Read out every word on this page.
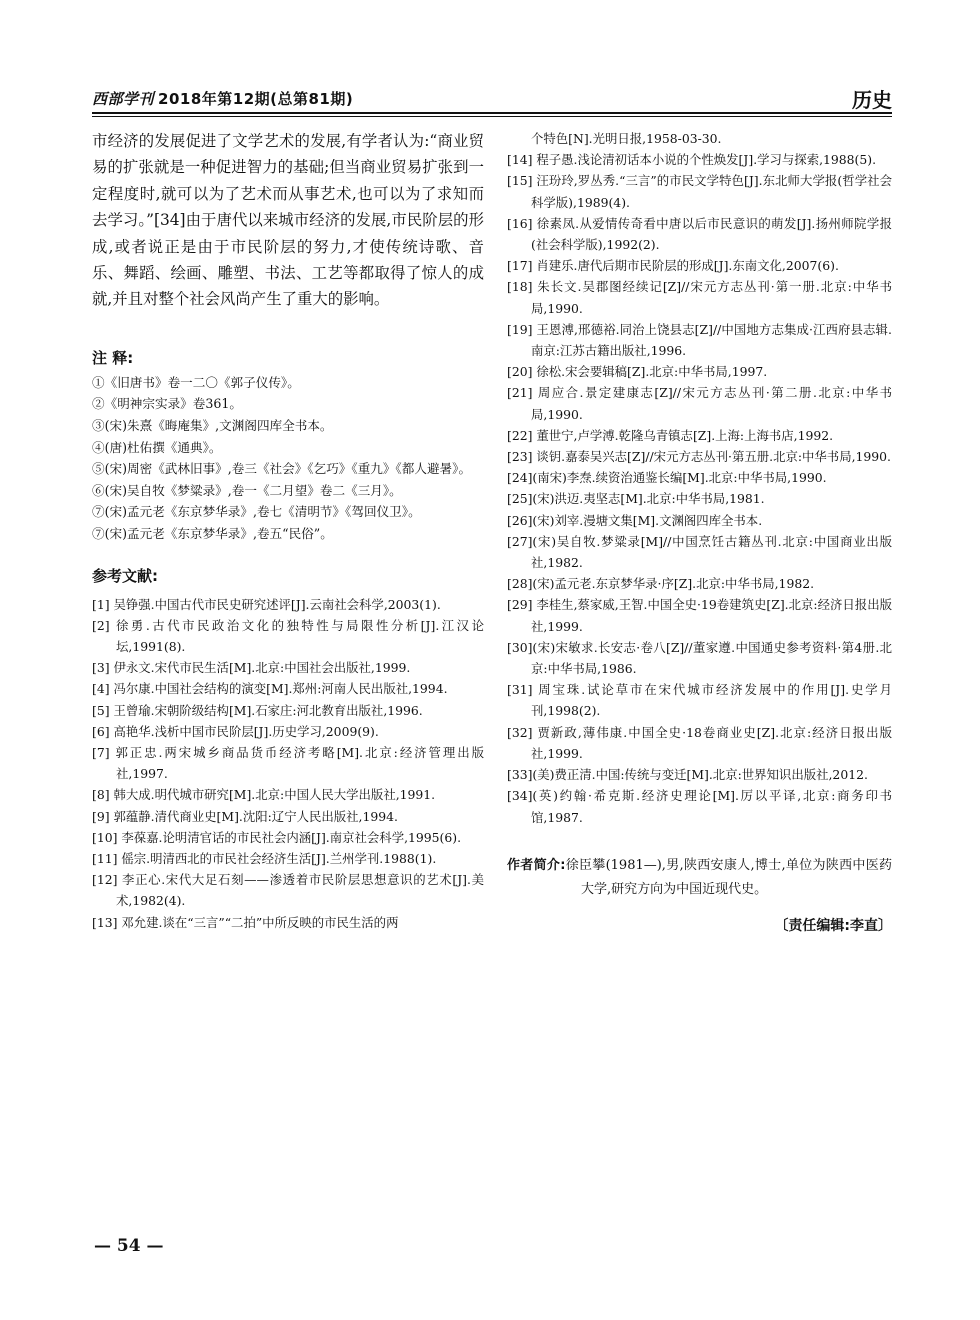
西部学刊 2018年第12期(总第81期)	历史

市经济的发展促进了文学艺术的发展,有学者认为:“商业贸易的扩张就是一种促进智力的基础;但当商业贸易扩张到一定程度时,就可以为了艺术而从事艺术,也可以为了求知而去学习。”[34]由于唐代以来城市经济的发展,市民阶层的形成,或者说正是由于市民阶层的努力,才使传统诗歌、音乐、舞蹈、绘画、雕塑、书法、工艺等都取得了惊人的成就,并且对整个社会风尚产生了重大的影响。

注 释:

①《旧唐书》卷一二〇《郭子仪传》。
②《明神宗实录》卷361。
③(宋)朱熹《晦庵集》,文渊阁四库全书本。
④(唐)杜佑撰《通典》。
⑤(宋)周密《武林旧事》,卷三《社会》《乞巧》《重九》《都人避暑》。
⑥(宋)吴自牧《梦粱录》,卷一《二月望》卷二《三月》。
⑦(宋)孟元老《东京梦华录》,卷七《清明节》《驾回仪卫》。
⑦(宋)孟元老《东京梦华录》,卷五“民俗”。

参考文献:

[1] 吴铮强.中国古代市民史研究述评[J].云南社会科学,2003(1).
[2] 徐勇.古代市民政治文化的独特性与局限性分析[J].江汉论坛,1991(8).
[3] 伊永文.宋代市民生活[M].北京:中国社会出版社,1999.
[4] 冯尔康.中国社会结构的演变[M].郑州:河南人民出版社,1994.
[5] 王曾瑜.宋朝阶级结构[M].石家庄:河北教育出版社,1996.
[6] 高艳华.浅析中国市民阶层[J].历史学习,2009(9).
[7] 郭正忠.两宋城乡商品货币经济考略[M].北京:经济管理出版社,1997.
[8] 韩大成.明代城市研究[M].北京:中国人民大学出版社,1991.
[9] 郭蕴静.清代商业史[M].沈阳:辽宁人民出版社,1994.
[10] 李葆嘉.论明清官话的市民社会内涵[J].南京社会科学,1995(6).
[11] 傜宗.明清西北的市民社会经济生活[J].兰州学刊.1988(1).
[12] 李正心.宋代大足石刻——渗透着市民阶层思想意识的艺术[J].美术,1982(4).
[13] 邓允建.谈在“三言”“二拍”中所反映的市民生活的两
个特色[N].光明日报,1958-03-30.
[14] 程子愚.浅论清初话本小说的个性焕发[J].学习与探索,1988(5).
[15] 汪玢玲,罗丛秀.“三言”的市民文学特色[J].东北师大学报(哲学社会科学版),1989(4).
[16] 徐素凤.从爱情传奇看中唐以后市民意识的萌发[J].扬州师院学报(社会科学版),1992(2).
[17] 肖建乐.唐代后期市民阶层的形成[J].东南文化,2007(6).
[18] 朱长文.吴郡图经续记[Z]//宋元方志丛刊·第一册.北京:中华书局,1990.
[19] 王恩溥,邢德裕.同治上饶县志[Z]//中国地方志集成·江西府县志辑.南京:江苏古籍出版社,1996.
[20] 徐松.宋会要辑稿[Z].北京:中华书局,1997.
[21] 周应合.景定建康志[Z]//宋元方志丛刊·第二册.北京:中华书局,1990.
[22] 董世宁,卢学溥.乾隆乌青镇志[Z].上海:上海书店,1992.
[23] 谈钥.嘉泰吴兴志[Z]//宋元方志丛刊·第五册.北京:中华书局,1990.
[24](南宋)李焘.续资治通鉴长编[M].北京:中华书局,1990.
[25](宋)洪迈.夷坚志[M].北京:中华书局,1981.
[26](宋)刘宰.漫塘文集[M].文渊阁四库全书本.
[27](宋)吴自牧.梦粱录[M]//中国烹饪古籍丛刊.北京:中国商业出版社,1982.
[28](宋)孟元老.东京梦华录·序[Z].北京:中华书局,1982.
[29] 李桂生,蔡家威,王智.中国全史·19卷建筑史[Z].北京:经济日报出版社,1999.
[30](宋)宋敏求.长安志·卷八[Z]//董家遵.中国通史参考资料·第4册.北京:中华书局,1986.
[31] 周宝珠.试论草市在宋代城市经济发展中的作用[J].史学月刊,1998(2).
[32] 贾新政,薄伟康.中国全史·18卷商业史[Z].北京:经济日报出版社,1999.
[33](美)费正清.中国:传统与变迁[M].北京:世界知识出版社,2012.
[34](英)约翰·希克斯.经济史理论[M].厉以平译,北京:商务印书馆,1987.

作者简介:徐臣攀(1981—),男,陕西安康人,博士,单位为陕西中医药大学,研究方向为中国近现代史。

〔责任编辑:李直〕

— 54 —
